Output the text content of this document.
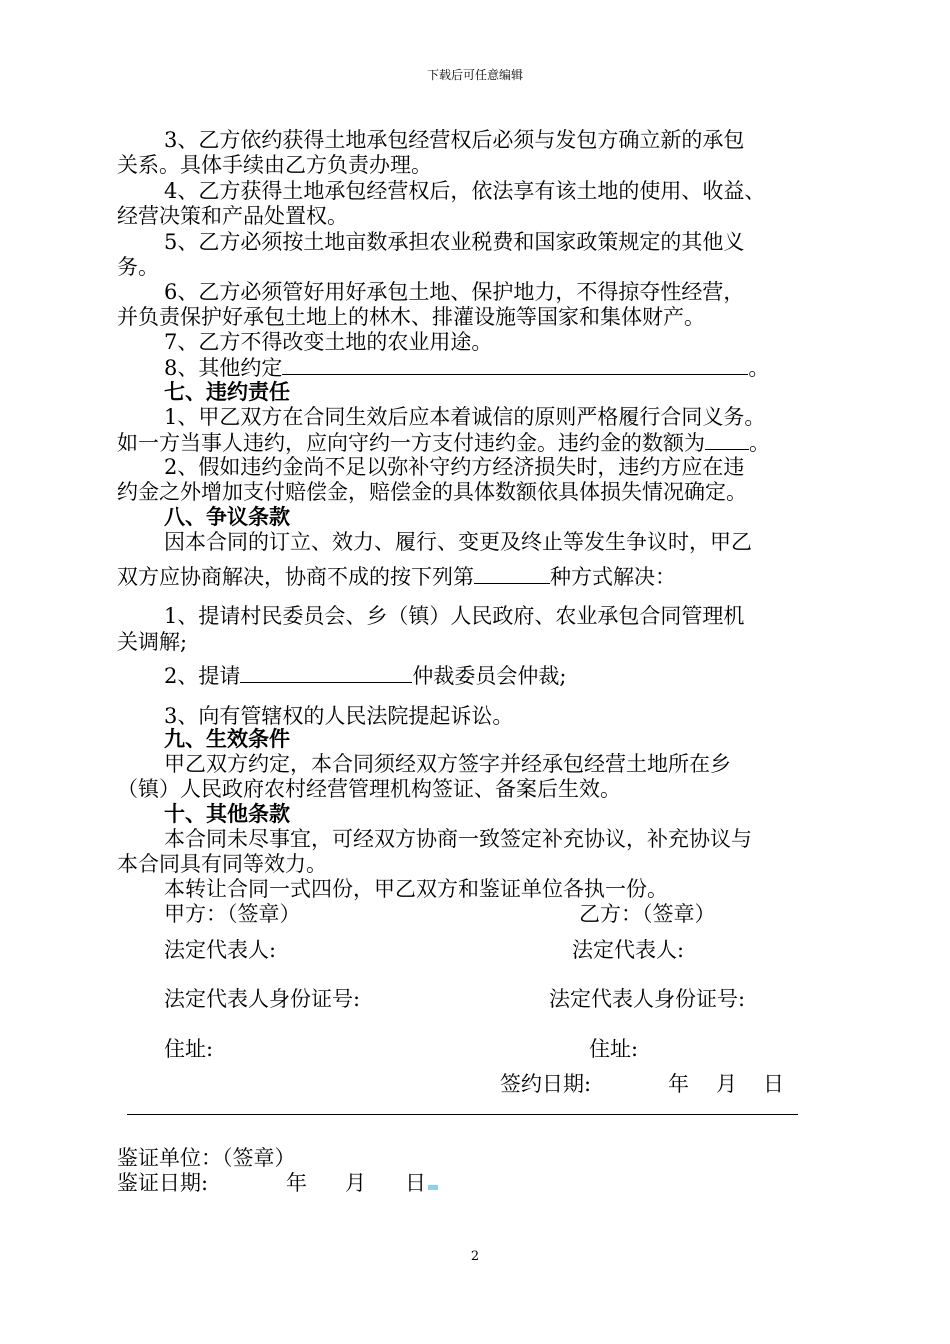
下载后可任意编辑
3、乙方依约获得土地承包经营权后必须与发包方确立新的承包
关系。具体手续由乙方负责办理。
4、乙方获得土地承包经营权后，依法享有该土地的使用、收益、
经营决策和产品处置权。
5、乙方必须按土地亩数承担农业税费和国家政策规定的其他义
务。
6、乙方必须管好用好承包土地、保护地力，不得掠夺性经营，
并负责保护好承包土地上的林木、排灌设施等国家和集体财产。
7、乙方不得改变土地的农业用途。
8、其他约定	。
七、违约责任
1、甲乙双方在合同生效后应本着诚信的原则严格履行合同义务。
如一方当事人违约，应向守约一方支付违约金。违约金的数额为 。
2、假如违约金尚不足以弥补守约方经济损失时，违约方应在违
约金之外增加支付赔偿金，赔偿金的具体数额依具体损失情况确定。
八、争议条款
因本合同的订立、效力、履行、变更及终止等发生争议时，甲乙
双方应协商解决，协商不成的按下列第	种方式解决：
1、提请村民委员会、乡（镇）人民政府、农业承包合同管理机
关调解;
2、提请	仲裁委员会仲裁;
3、向有管辖权的人民法院提起诉讼。
九、生效条件
甲乙双方约定，本合同须经双方签字并经承包经营土地所在乡
（镇）人民政府农村经营管理机构签证、备案后生效。
十、其他条款
本合同未尽事宜，可经双方协商一致签定补充协议，补充协议与
本合同具有同等效力。
本转让合同一式四份，甲乙双方和鉴证单位各执一份。
甲方：（签章）	乙方：（签章）
法定代表人:	法定代表人:
法定代表人身份证号:	法定代表人身份证号:
住址:	住址:
签约日期:	年 月 日
鉴证单位：（签章）
鉴证日期:	年 月 日
2
